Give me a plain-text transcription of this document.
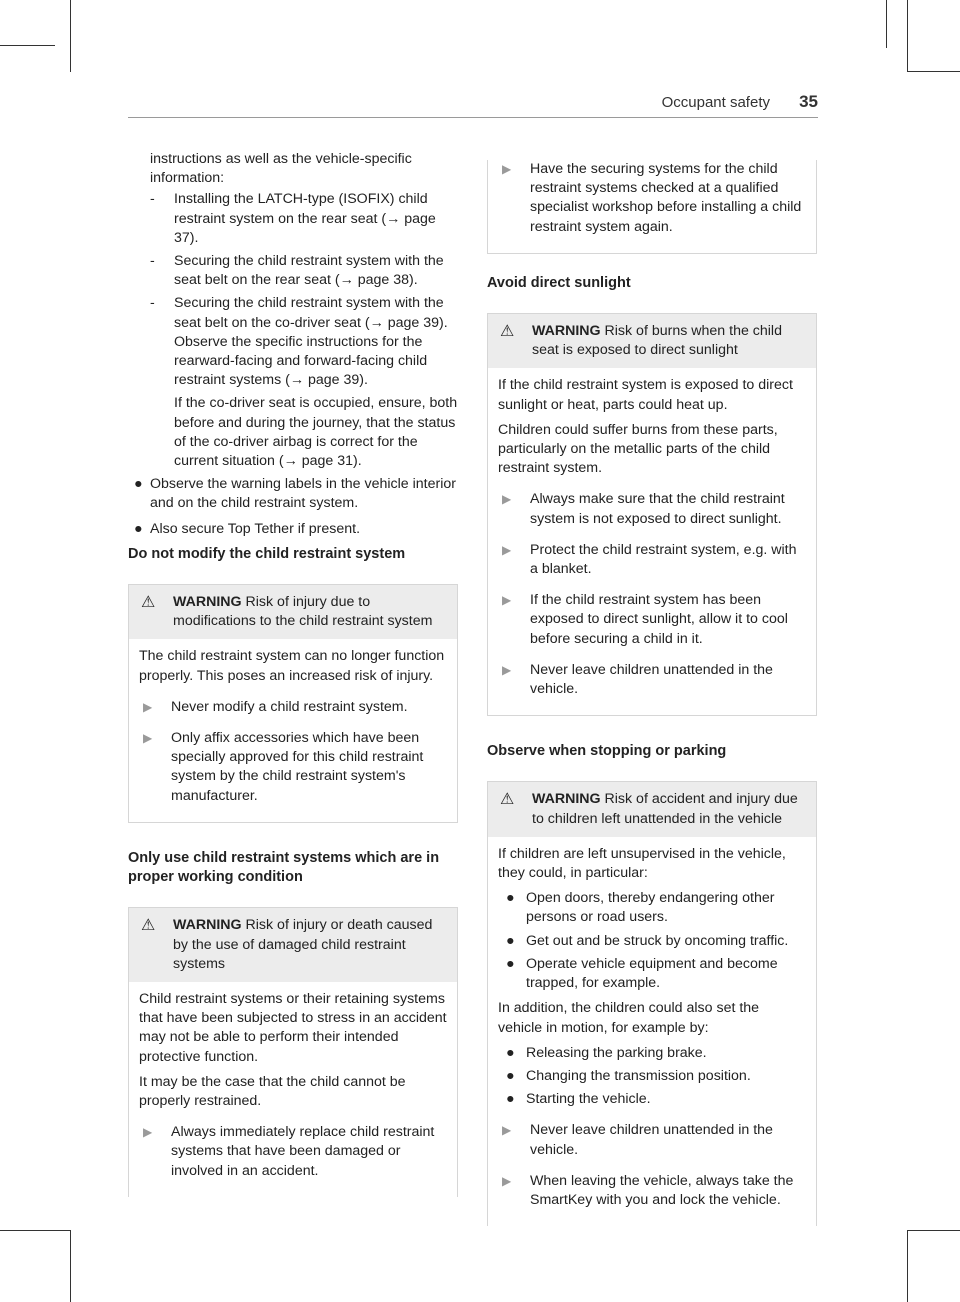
Occupant safety 35

instructions as well as the vehicle-specific information:

-	Installing the LATCH-type (ISOFIX) child restraint system on the rear seat (→ page 37).
-	Securing the child restraint system with the seat belt on the rear seat (→ page 38).
-	Securing the child restraint system with the seat belt on the co-driver seat (→ page 39). Observe the specific instructions for the rearward-facing and forward-facing child restraint systems (→ page 39).

If the co-driver seat is occupied, ensure, both before and during the journey, that the status of the co-driver airbag is correct for the current situation (→ page 31).

● Observe the warning labels in the vehicle interior and on the child restraint system.
● Also secure Top Tether if present.
Do not modify the child restraint system
⚠	WARNING Risk of injury due to modifications to the child restraint system

The child restraint system can no longer function properly. This poses an increased risk of injury.

▶	Never modify a child restraint system.
▶	Only affix accessories which have been specially approved for this child restraint system by the child restraint system's manufacturer.
Only use child restraint systems which are in proper working condition
⚠	WARNING Risk of injury or death caused by the use of damaged child restraint systems

Child restraint systems or their retaining systems that have been subjected to stress in an accident may not be able to perform their intended protective function.

It may be the case that the child cannot be properly restrained.

▶	Always immediately replace child restraint systems that have been damaged or involved in an accident.
▶	Have the securing systems for the child restraint systems checked at a qualified specialist workshop before installing a child restraint system again.
Avoid direct sunlight
⚠	WARNING Risk of burns when the child seat is exposed to direct sunlight

If the child restraint system is exposed to direct sunlight or heat, parts could heat up.

Children could suffer burns from these parts, particularly on the metallic parts of the child restraint system.

▶	Always make sure that the child restraint system is not exposed to direct sunlight.
▶	Protect the child restraint system, e.g. with a blanket.
▶	If the child restraint system has been exposed to direct sunlight, allow it to cool before securing a child in it.
▶	Never leave children unattended in the vehicle.
Observe when stopping or parking
⚠	WARNING Risk of accident and injury due to children left unattended in the vehicle

If children are left unsupervised in the vehicle, they could, in particular:

● Open doors, thereby endangering other persons or road users.
● Get out and be struck by oncoming traffic.
● Operate vehicle equipment and become trapped, for example.

In addition, the children could also set the vehicle in motion, for example by:

● Releasing the parking brake.
● Changing the transmission position.
● Starting the vehicle.
▶	Never leave children unattended in the vehicle.
▶	When leaving the vehicle, always take the SmartKey with you and lock the vehicle.
